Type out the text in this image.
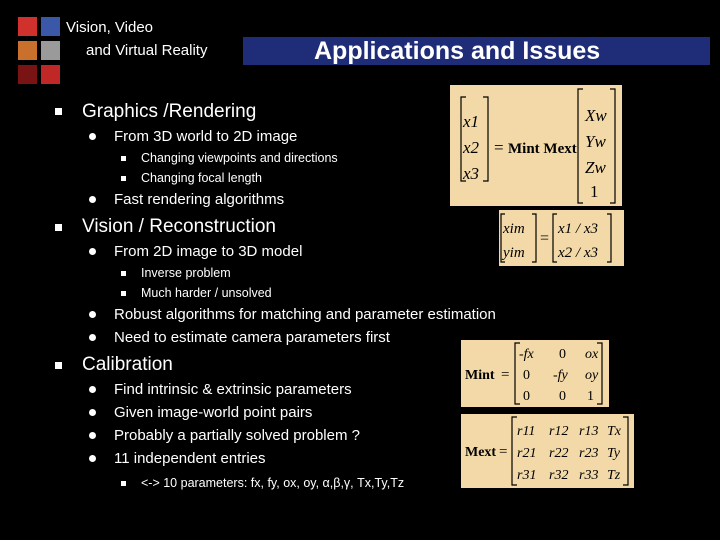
Vision, Video
and Virtual Reality	Applications and Issues
Graphics /Rendering
From 3D world to 2D image
Changing viewpoints and directions
Changing focal length
Fast rendering algorithms
Vision / Reconstruction
From 2D image to 3D model
Inverse problem
Much harder / unsolved
Robust algorithms for matching and parameter estimation
Need to estimate camera parameters first
Calibration
Find intrinsic & extrinsic parameters
Given image-world point pairs
Probably a partially solved problem ?
11 independent entries
<-> 10 parameters: fx, fy, ox, oy, α,β,γ, Tx,Ty,Tz
x1
x2
x3
= Mint Mext
Xw
Yw
Zw
1
xim
yim
=
x1 / x3
x2 / x3
Mint =
-fx 0 ox
0 -fy oy
0 0 1
Mext =
r11 r12 r13 Tx
r21 r22 r23 Ty
r31 r32 r33 Tz
